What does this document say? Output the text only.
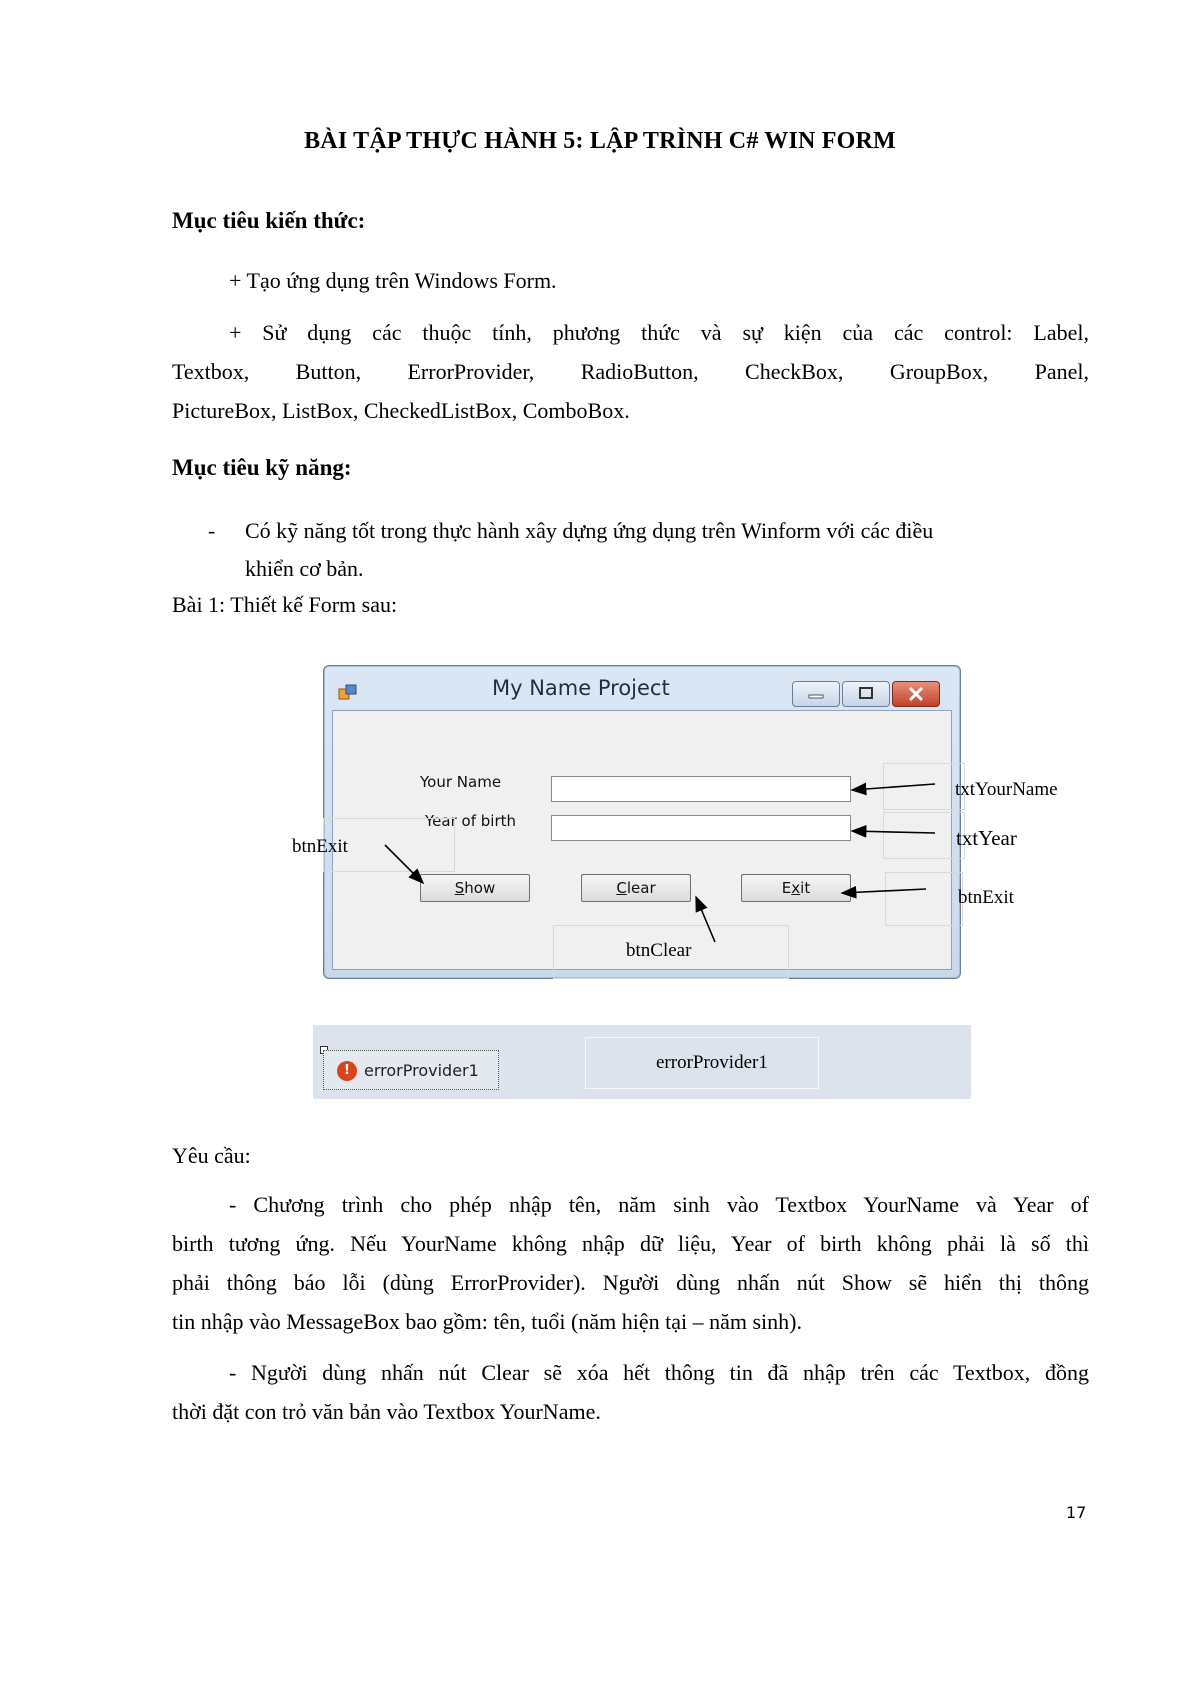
BÀI TẬP THỰC HÀNH 5: LẬP TRÌNH C# WIN FORM
Mục tiêu kiến thức:
+ Tạo ứng dụng trên Windows Form.
+ Sử dụng các thuộc tính, phương thức và sự kiện của các control: Label,
Textbox, Button, ErrorProvider, RadioButton, CheckBox, GroupBox, Panel,
PictureBox, ListBox, CheckedListBox, ComboBox.
Mục tiêu kỹ năng:
- Có kỹ năng tốt trong thực hành xây dựng ứng dụng trên Winform với các điều
khiển cơ bản.
Bài 1: Thiết kế Form sau:
My Name Project
Your Name
Year of birth
Show	Clear	Exit
txtYourName
txtYear
btnExit
btnExit
btnClear
! errorProvider1	errorProvider1
Yêu cầu:
- Chương trình cho phép nhập tên, năm sinh vào Textbox YourName và Year of
birth tương ứng. Nếu YourName không nhập dữ liệu, Year of birth không phải là số thì
phải thông báo lỗi (dùng ErrorProvider). Người dùng nhấn nút Show sẽ hiển thị thông
tin nhập vào MessageBox bao gồm: tên, tuổi (năm hiện tại – năm sinh).
- Người dùng nhấn nút Clear sẽ xóa hết thông tin đã nhập trên các Textbox, đồng
thời đặt con trỏ văn bản vào Textbox YourName.
17
